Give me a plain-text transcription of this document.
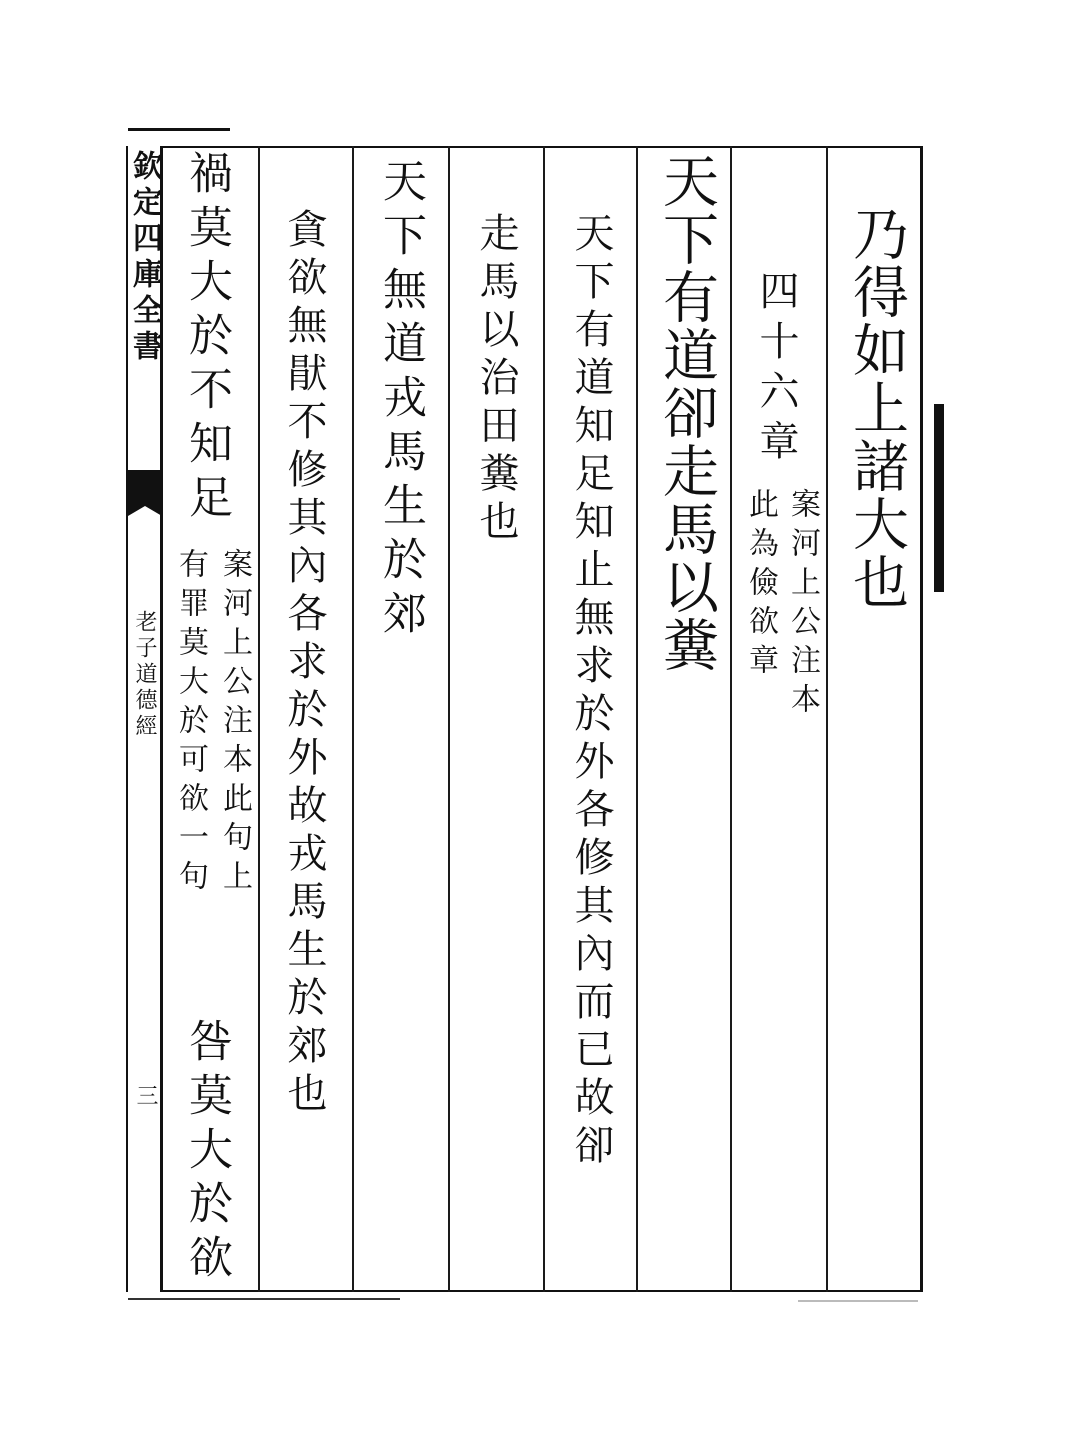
欽定四庫全書
老子道德經
三
乃得如上諸大也
四十六章
案河上公注本
此為儉欲章
天下有道卻走馬以糞
天下有道知足知止無求於外各修其內而已故卻
走馬以治田糞也
天下無道戎馬生於郊
貪欲無猒不修其內各求於外故戎馬生於郊也
禍莫大於不知足
案河上公注本此句上
有罪莫大於可欲一句
咎莫大於欲
